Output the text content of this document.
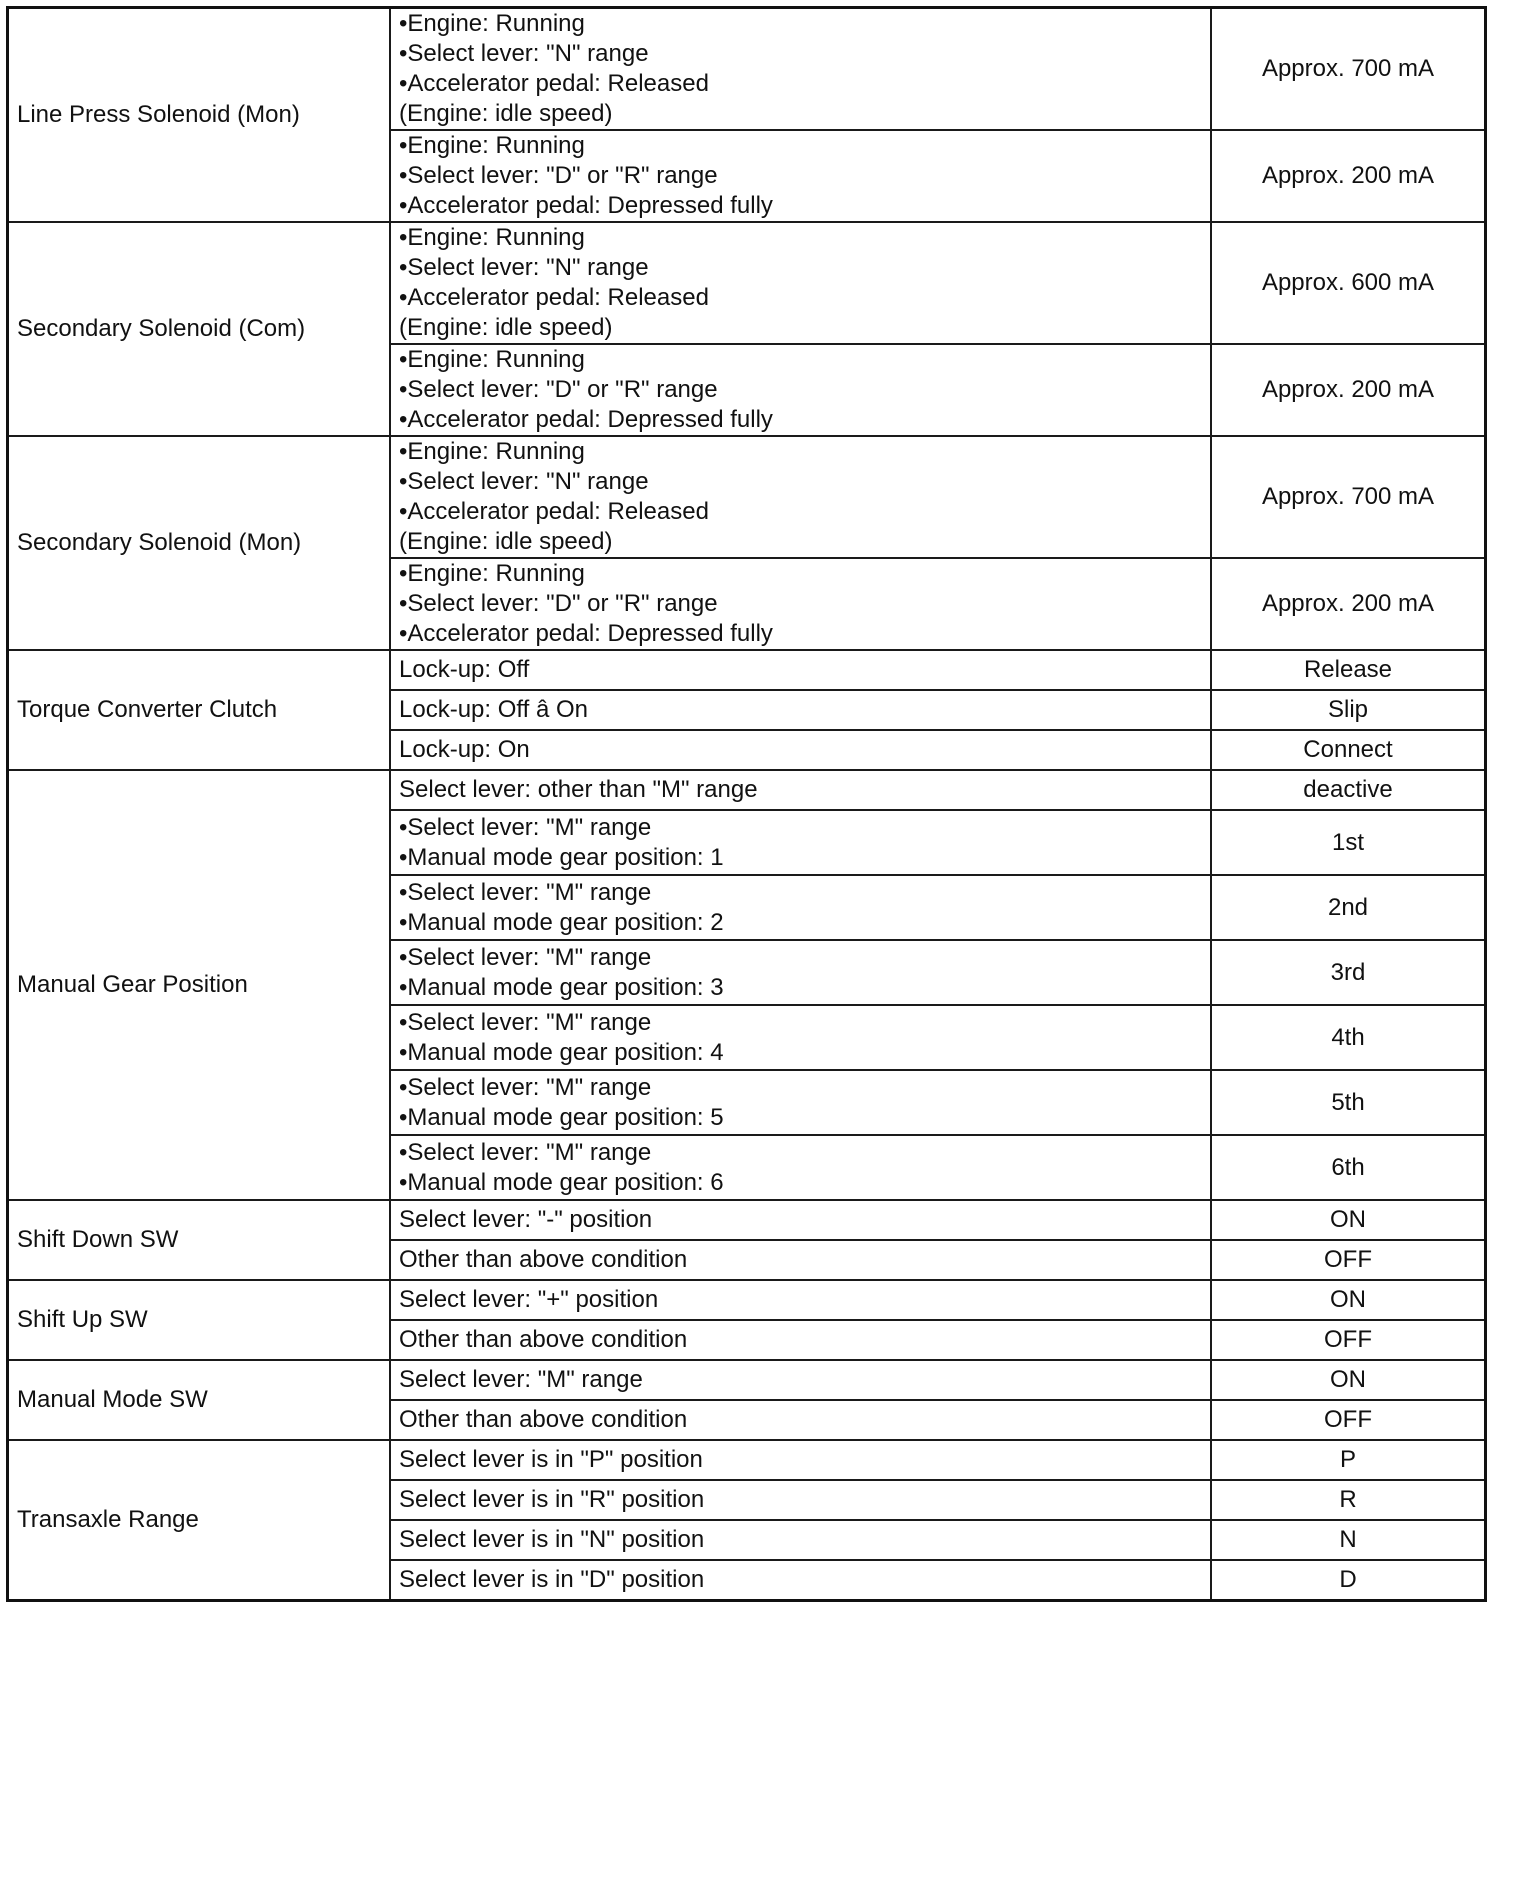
Line Press Solenoid (Mon)	•Engine: Running
•Select lever: "N" range
•Accelerator pedal: Released
(Engine: idle speed)	Approx. 700 mA

	•Engine: Running
•Select lever: "D" or "R" range
•Accelerator pedal: Depressed fully	Approx. 200 mA
Secondary Solenoid (Com)	•Engine: Running
•Select lever: "N" range
•Accelerator pedal: Released
(Engine: idle speed)	Approx. 600 mA

	•Engine: Running
•Select lever: "D" or "R" range
•Accelerator pedal: Depressed fully	Approx. 200 mA
Secondary Solenoid (Mon)	•Engine: Running
•Select lever: "N" range
•Accelerator pedal: Released
(Engine: idle speed)	Approx. 700 mA

	•Engine: Running
•Select lever: "D" or "R" range
•Accelerator pedal: Depressed fully	Approx. 200 mA
Torque Converter Clutch	Lock-up: Off	Release

	Lock-up: Off â On	Slip

	Lock-up: On	Connect
Manual Gear Position	Select lever: other than "M" range	deactive

	•Select lever: "M" range
•Manual mode gear position: 1	1st

	•Select lever: "M" range
•Manual mode gear position: 2	2nd

	•Select lever: "M" range
•Manual mode gear position: 3	3rd

	•Select lever: "M" range
•Manual mode gear position: 4	4th

	•Select lever: "M" range
•Manual mode gear position: 5	5th

	•Select lever: "M" range
•Manual mode gear position: 6	6th
Shift Down SW	Select lever: "-" position	ON

	Other than above condition	OFF
Shift Up SW	Select lever: "+" position	ON

	Other than above condition	OFF
Manual Mode SW	Select lever: "M" range	ON

	Other than above condition	OFF
Transaxle Range	Select lever is in "P" position	P

	Select lever is in "R" position	R

	Select lever is in "N" position	N

	Select lever is in "D" position	D
